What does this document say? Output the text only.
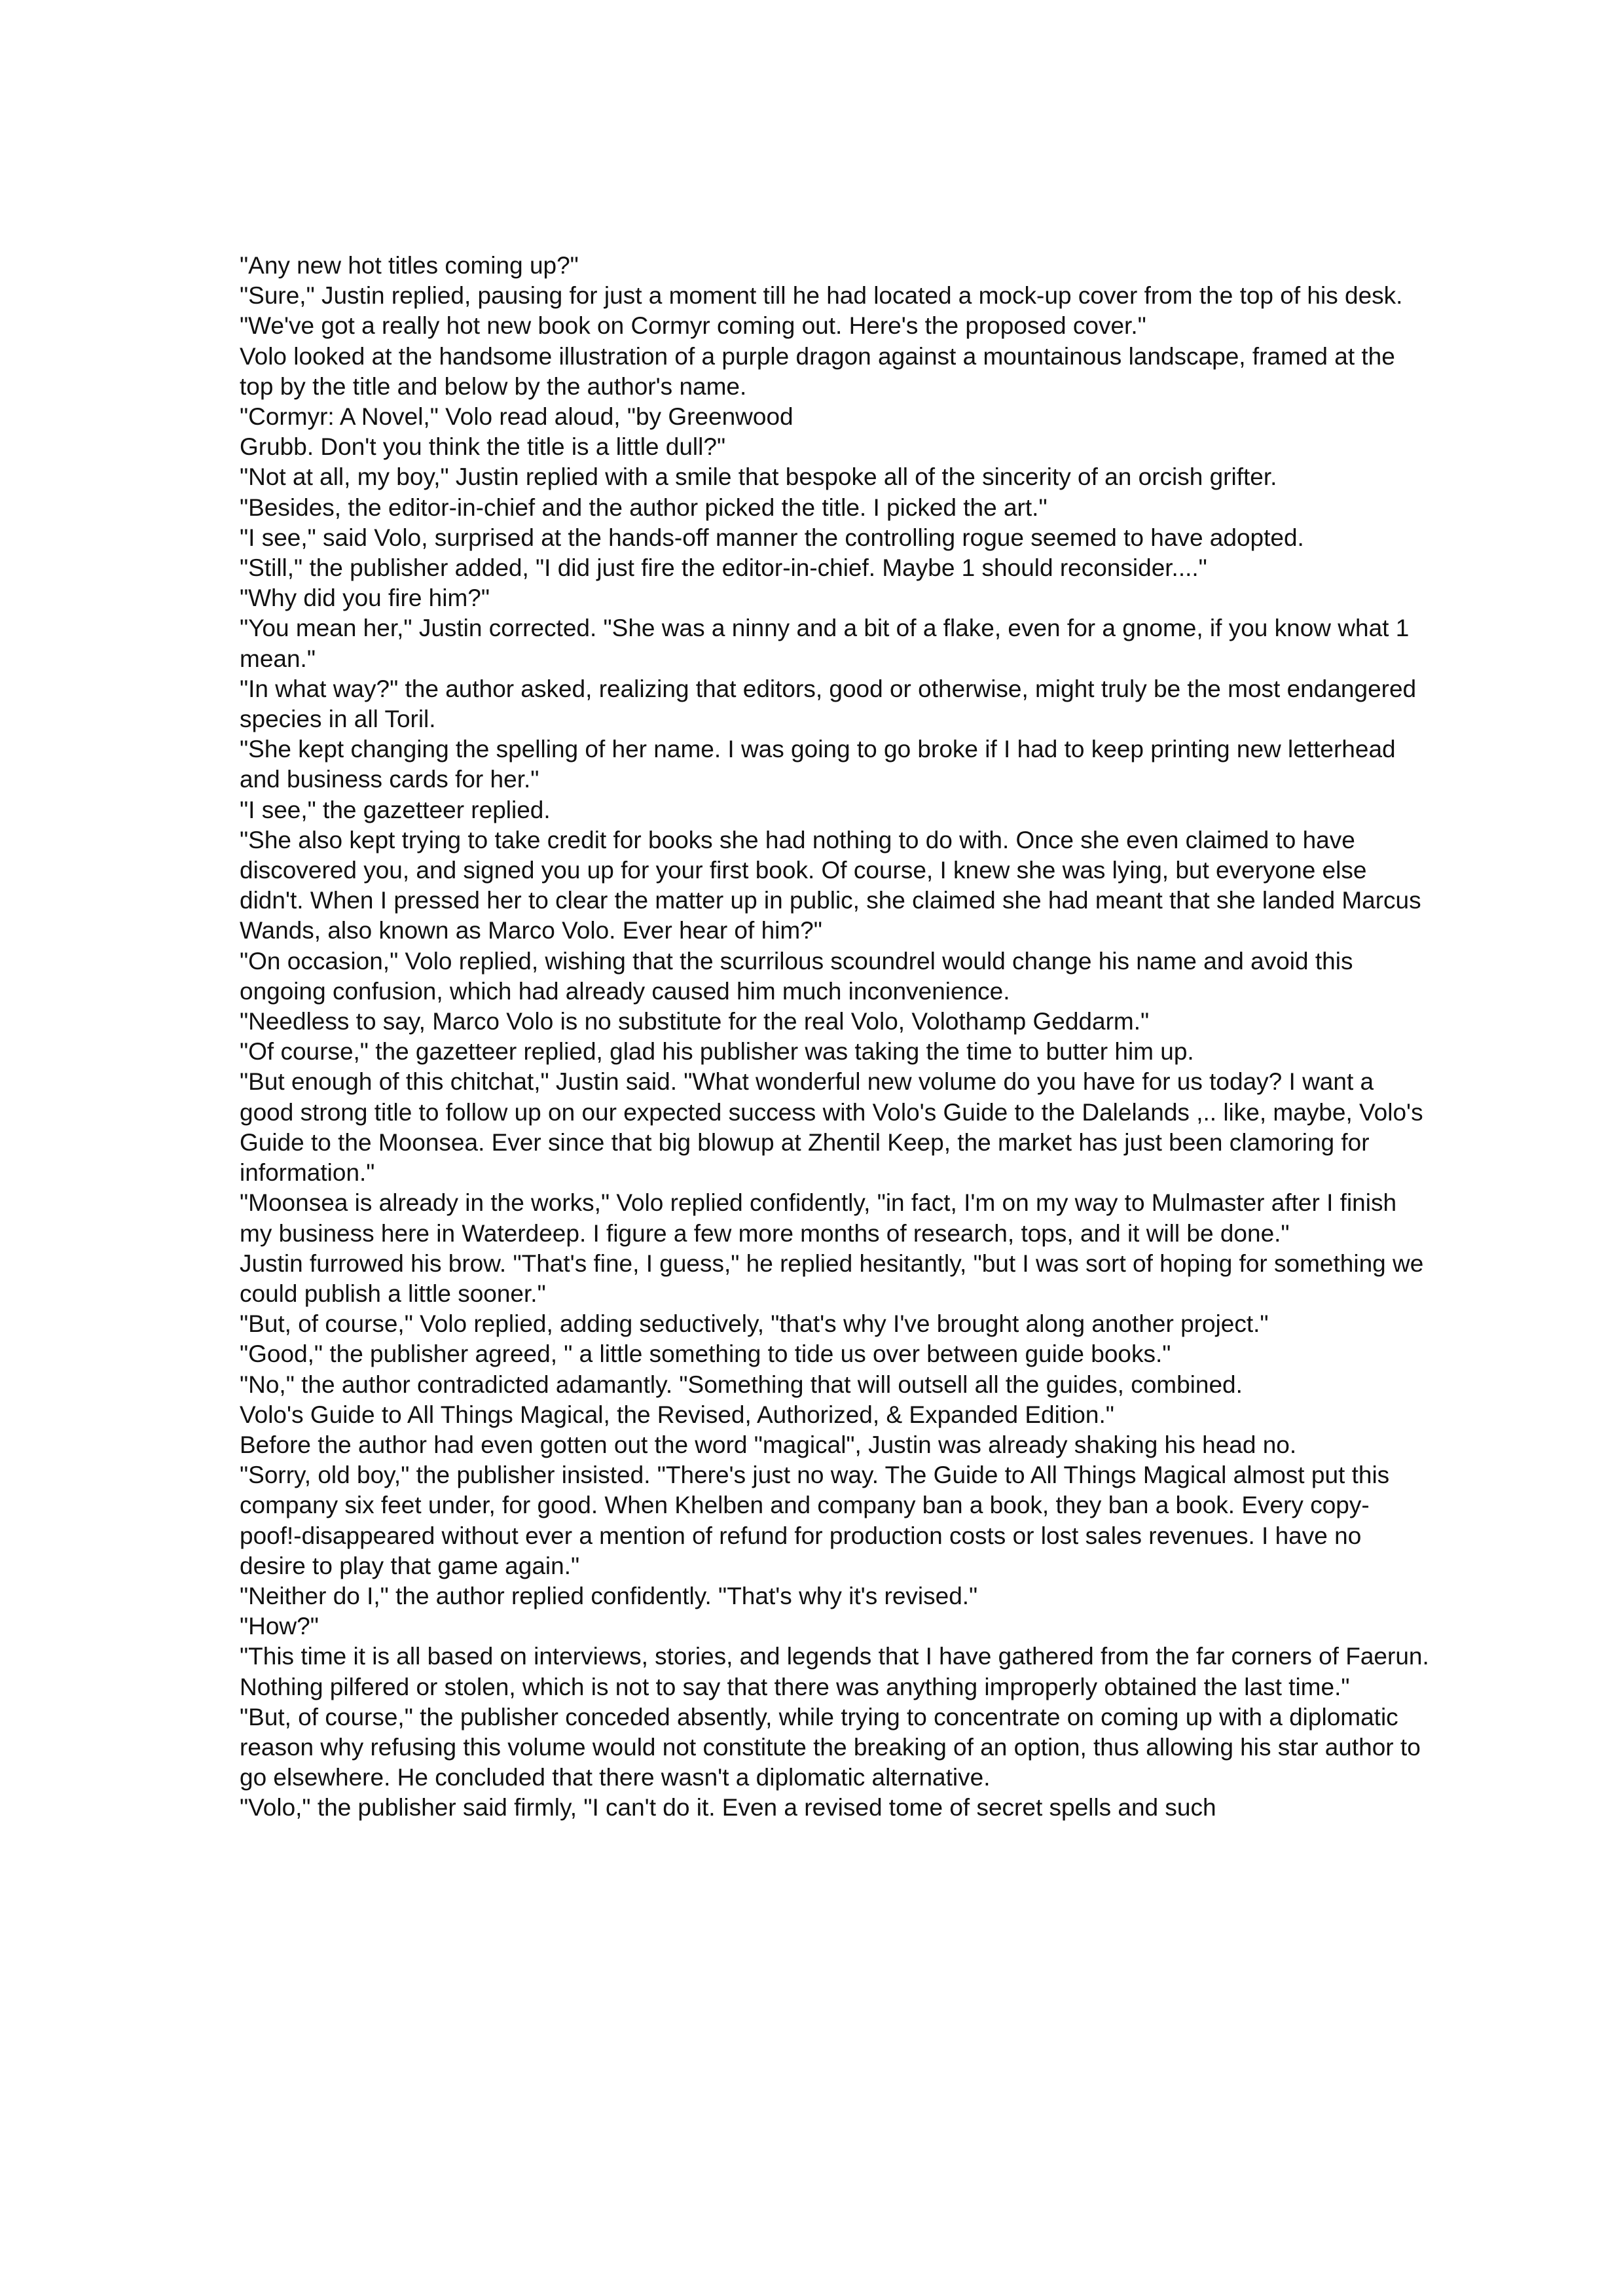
"Any new hot titles coming up?"

"Sure," Justin replied, pausing for just a moment till he had located a mock-up cover from the top of his desk. "We've got a really hot new book on Cormyr coming out. Here's the proposed cover."

Volo looked at the handsome illustration of a purple dragon against a mountainous landscape, framed at the top by the title and below by the author's name.

"Cormyr: A Novel," Volo read aloud, "by Greenwood

Grubb. Don't you think the title is a little dull?"

"Not at all, my boy," Justin replied with a smile that bespoke all of the sincerity of an orcish grifter.

"Besides, the editor-in-chief and the author picked the title. I picked the art."

"I see," said Volo, surprised at the hands-off manner the controlling rogue seemed to have adopted.

"Still," the publisher added, "I did just fire the editor-in-chief. Maybe 1 should reconsider...."

"Why did you fire him?"

"You mean her," Justin corrected. "She was a ninny and a bit of a flake, even for a gnome, if you know what 1 mean."

"In what way?" the author asked, realizing that editors, good or otherwise, might truly be the most endangered species in all Toril.

"She kept changing the spelling of her name. I was going to go broke if I had to keep printing new letterhead and business cards for her."

"I see," the gazetteer replied.

"She also kept trying to take credit for books she had nothing to do with. Once she even claimed to have discovered you, and signed you up for your first book. Of course, I knew she was lying, but everyone else didn't. When I pressed her to clear the matter up in public, she claimed she had meant that she landed Marcus Wands, also known as Marco Volo. Ever hear of him?"

"On occasion," Volo replied, wishing that the scurrilous scoundrel would change his name and avoid this ongoing confusion, which had already caused him much inconvenience.

"Needless to say, Marco Volo is no substitute for the real Volo, Volothamp Geddarm."

"Of course," the gazetteer replied, glad his publisher was taking the time to butter him up.

"But enough of this chitchat," Justin said. "What wonderful new volume do you have for us today? I want a good strong title to follow up on our expected success with Volo's Guide to the Dalelands ,.. like, maybe, Volo's Guide to the Moonsea. Ever since that big blowup at Zhentil Keep, the market has just been clamoring for information."

"Moonsea is already in the works," Volo replied confidently, "in fact, I'm on my way to Mulmaster after I finish my business here in Waterdeep. I figure a few more months of research, tops, and it will be done."

Justin furrowed his brow. "That's fine, I guess," he replied hesitantly, "but I was sort of hoping for something we could publish a little sooner."

"But, of course," Volo replied, adding seductively, "that's why I've brought along another project."

"Good," the publisher agreed, " a little something to tide us over between guide books."

"No," the author contradicted adamantly. "Something that will outsell all the guides, combined.

Volo's Guide to All Things Magical, the Revised, Authorized, & Expanded Edition."

Before the author had even gotten out the word "magical", Justin was already shaking his head no.

"Sorry, old boy," the publisher insisted. "There's just no way. The Guide to All Things Magical almost put this company six feet under, for good. When Khelben and company ban a book, they ban a book. Every copy-poof!-disappeared without ever a mention of refund for production costs or lost sales revenues. I have no desire to play that game again."

"Neither do I," the author replied confidently. "That's why it's revised."

"How?"

"This time it is all based on interviews, stories, and legends that I have gathered from the far corners of Faerun. Nothing pilfered or stolen, which is not to say that there was anything improperly obtained the last time."

"But, of course," the publisher conceded absently, while trying to concentrate on coming up with a diplomatic reason why refusing this volume would not constitute the breaking of an option, thus allowing his star author to go elsewhere. He concluded that there wasn't a diplomatic alternative.

"Volo," the publisher said firmly, "I can't do it. Even a revised tome of secret spells and such
